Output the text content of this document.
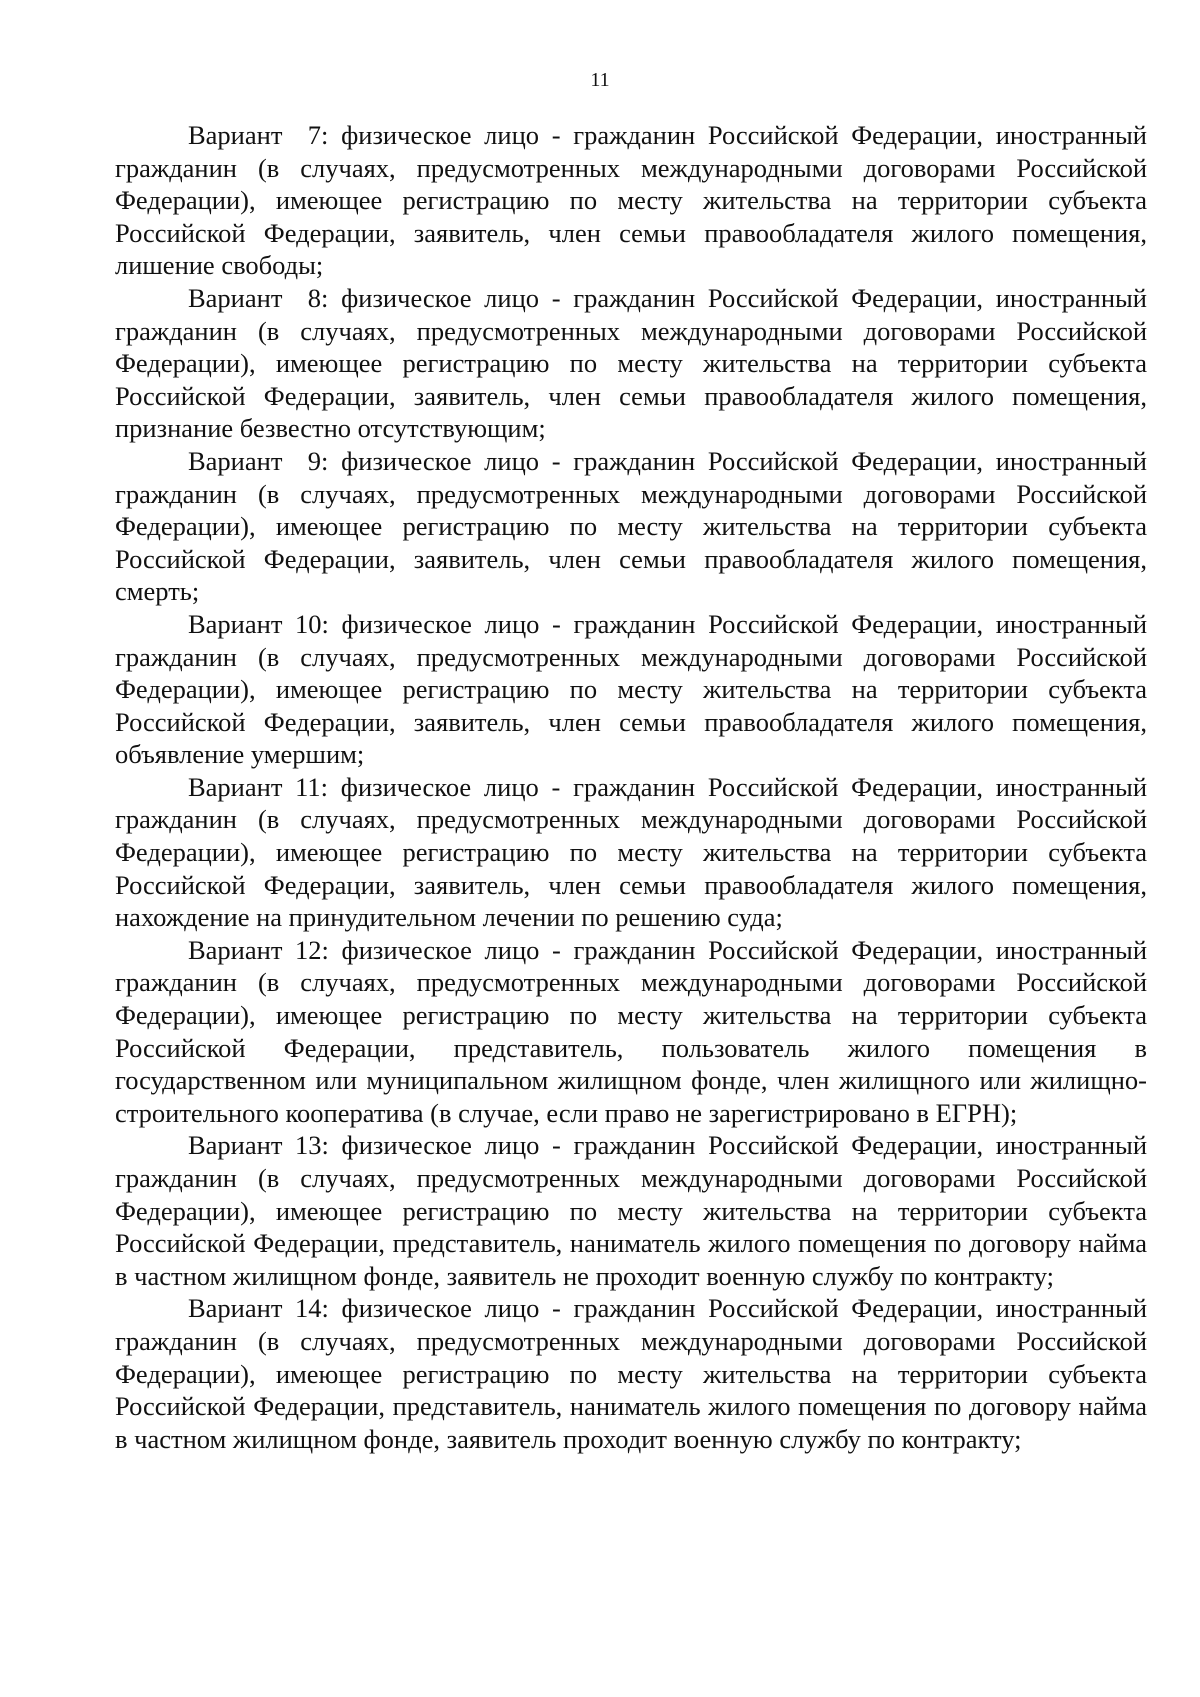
11

Вариант  7: физическое лицо - гражданин Российской Федерации, иностранный гражданин (в случаях, предусмотренных международными договорами Российской Федерации), имеющее регистрацию по месту жительства на территории субъекта Российской Федерации, заявитель, член семьи правообладателя жилого помещения, лишение свободы;

Вариант  8: физическое лицо - гражданин Российской Федерации, иностранный гражданин (в случаях, предусмотренных международными договорами Российской Федерации), имеющее регистрацию по месту жительства на территории субъекта Российской Федерации, заявитель, член семьи правообладателя жилого помещения, признание безвестно отсутствующим;

Вариант  9: физическое лицо - гражданин Российской Федерации, иностранный гражданин (в случаях, предусмотренных международными договорами Российской Федерации), имеющее регистрацию по месту жительства на территории субъекта Российской Федерации, заявитель, член семьи правообладателя жилого помещения, смерть;

Вариант 10: физическое лицо - гражданин Российской Федерации, иностранный гражданин (в случаях, предусмотренных международными договорами Российской Федерации), имеющее регистрацию по месту жительства на территории субъекта Российской Федерации, заявитель, член семьи правообладателя жилого помещения, объявление умершим;

Вариант 11: физическое лицо - гражданин Российской Федерации, иностранный гражданин (в случаях, предусмотренных международными договорами Российской Федерации), имеющее регистрацию по месту жительства на территории субъекта Российской Федерации, заявитель, член семьи правообладателя жилого помещения, нахождение на принудительном лечении по решению суда;

Вариант 12: физическое лицо - гражданин Российской Федерации, иностранный гражданин (в случаях, предусмотренных международными договорами Российской Федерации), имеющее регистрацию по месту жительства на территории субъекта Российской Федерации, представитель, пользователь жилого помещения в государственном или муниципальном жилищном фонде, член жилищного или жилищно-строительного кооператива (в случае, если право не зарегистрировано в ЕГРН);

Вариант 13: физическое лицо - гражданин Российской Федерации, иностранный гражданин (в случаях, предусмотренных международными договорами Российской Федерации), имеющее регистрацию по месту жительства на территории субъекта Российской Федерации, представитель, наниматель жилого помещения по договору найма в частном жилищном фонде, заявитель не проходит военную службу по контракту;

Вариант 14: физическое лицо - гражданин Российской Федерации, иностранный гражданин (в случаях, предусмотренных международными договорами Российской Федерации), имеющее регистрацию по месту жительства на территории субъекта Российской Федерации, представитель, наниматель жилого помещения по договору найма в частном жилищном фонде, заявитель проходит военную службу по контракту;
